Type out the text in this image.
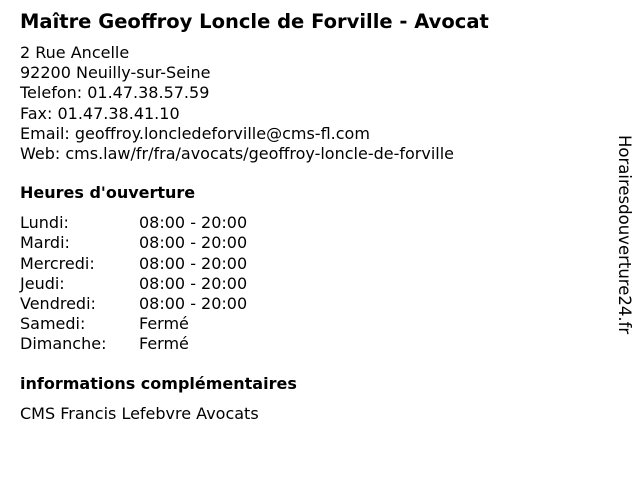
Maître Geoffroy Loncle de Forville - Avocat
2 Rue Ancelle
92200 Neuilly-sur-Seine
Telefon: 01.47.38.57.59
Fax: 01.47.38.41.10
Email: geoffroy.lonclede​forville@cms-fl.com
Web: cms.law/fr/fra/avocats/geoffroy-loncle-de-forville
Heures d'ouverture
Lundi:	08:00 - 20:00
Mardi:	08:00 - 20:00
Mercredi:	08:00 - 20:00
Jeudi:	08:00 - 20:00
Vendredi:	08:00 - 20:00
Samedi:	Fermé
Dimanche:	Fermé
informations complémentaires
CMS Francis Lefebvre Avocats
Horairesdouverture24.fr
